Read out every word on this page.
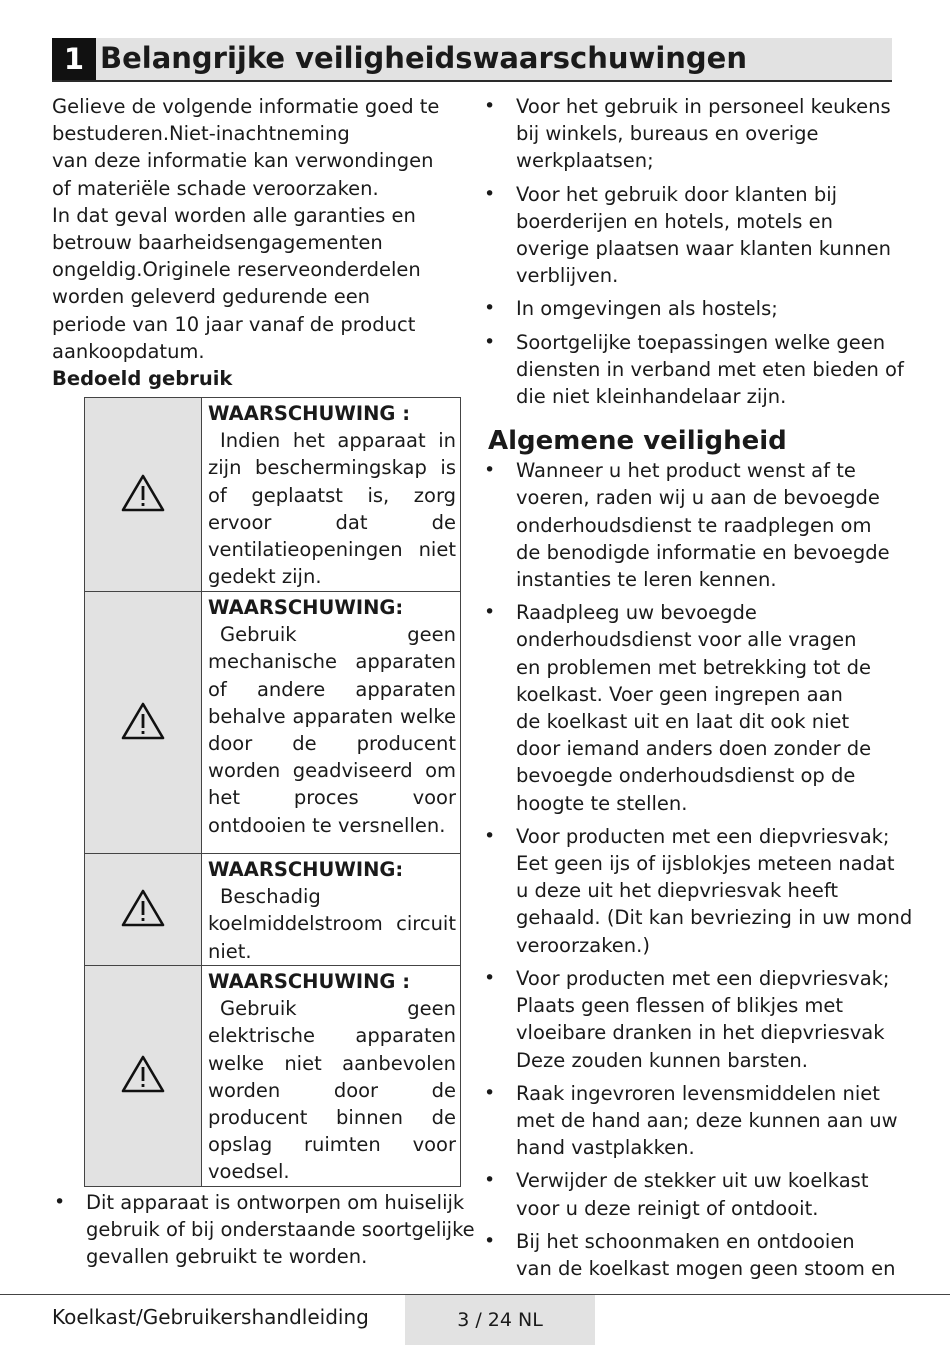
1 Belangrijke veiligheidswaarschuwingen

Gelieve de volgende informatie goed te
bestuderen.Niet-inachtneming
van deze informatie kan verwondingen
of materiële schade veroorzaken.
In dat geval worden alle garanties en
betrouw baarheidsengagementen
ongeldig.Originele reserveonderdelen
worden geleverd gedurende een
periode van 10 jaar vanaf de product
aankoopdatum.

Bedoeld gebruik

WAARSCHUWING :
Indien het apparaat in zijn beschermingskap is of geplaatst is, zorg ervoor dat de ventilatieopeningen niet gedekt zijn.

WAARSCHUWING:
Gebruik geen mechanische apparaten of andere apparaten behalve apparaten welke door de producent worden geadviseerd om het proces voor ontdooien te versnellen.

WAARSCHUWING:
Beschadig koelmiddelstroom circuit niet.

WAARSCHUWING :
Gebruik geen elektrische apparaten welke niet aanbevolen worden door de producent binnen de opslag ruimten voor voedsel.
• Dit apparaat is ontworpen om huiselijk
gebruik of bij onderstaande soortgelijke
gevallen gebruikt te worden.
• Voor het gebruik in personeel keukens
bij winkels, bureaus en overige
werkplaatsen;
• Voor het gebruik door klanten bij
boerderijen en hotels, motels en
overige plaatsen waar klanten kunnen
verblijven.
• In omgevingen als hostels;
• Soortgelijke toepassingen welke geen
diensten in verband met eten bieden of
die niet kleinhandelaar zijn.

Algemene veiligheid

• Wanneer u het product wenst af te
voeren, raden wij u aan de bevoegde
onderhoudsdienst te raadplegen om
de benodigde informatie en bevoegde
instanties te leren kennen.
• Raadpleeg uw bevoegde
onderhoudsdienst voor alle vragen
en problemen met betrekking tot de
koelkast. Voer geen ingrepen aan
de koelkast uit en laat dit ook niet
door iemand anders doen zonder de
bevoegde onderhoudsdienst op de
hoogte te stellen.
• Voor producten met een diepvriesvak;
Eet geen ijs of ijsblokjes meteen nadat
u deze uit het diepvriesvak heeft
gehaald. (Dit kan bevriezing in uw mond
veroorzaken.)
• Voor producten met een diepvriesvak;
Plaats geen flessen of blikjes met
vloeibare dranken in het diepvriesvak
Deze zouden kunnen barsten.
• Raak ingevroren levensmiddelen niet
met de hand aan; deze kunnen aan uw
hand vastplakken.
• Verwijder de stekker uit uw koelkast
voor u deze reinigt of ontdooit.
• Bij het schoonmaken en ontdooien
van de koelkast mogen geen stoom en
Koelkast/Gebruikershandleiding	3 / 24 NL
